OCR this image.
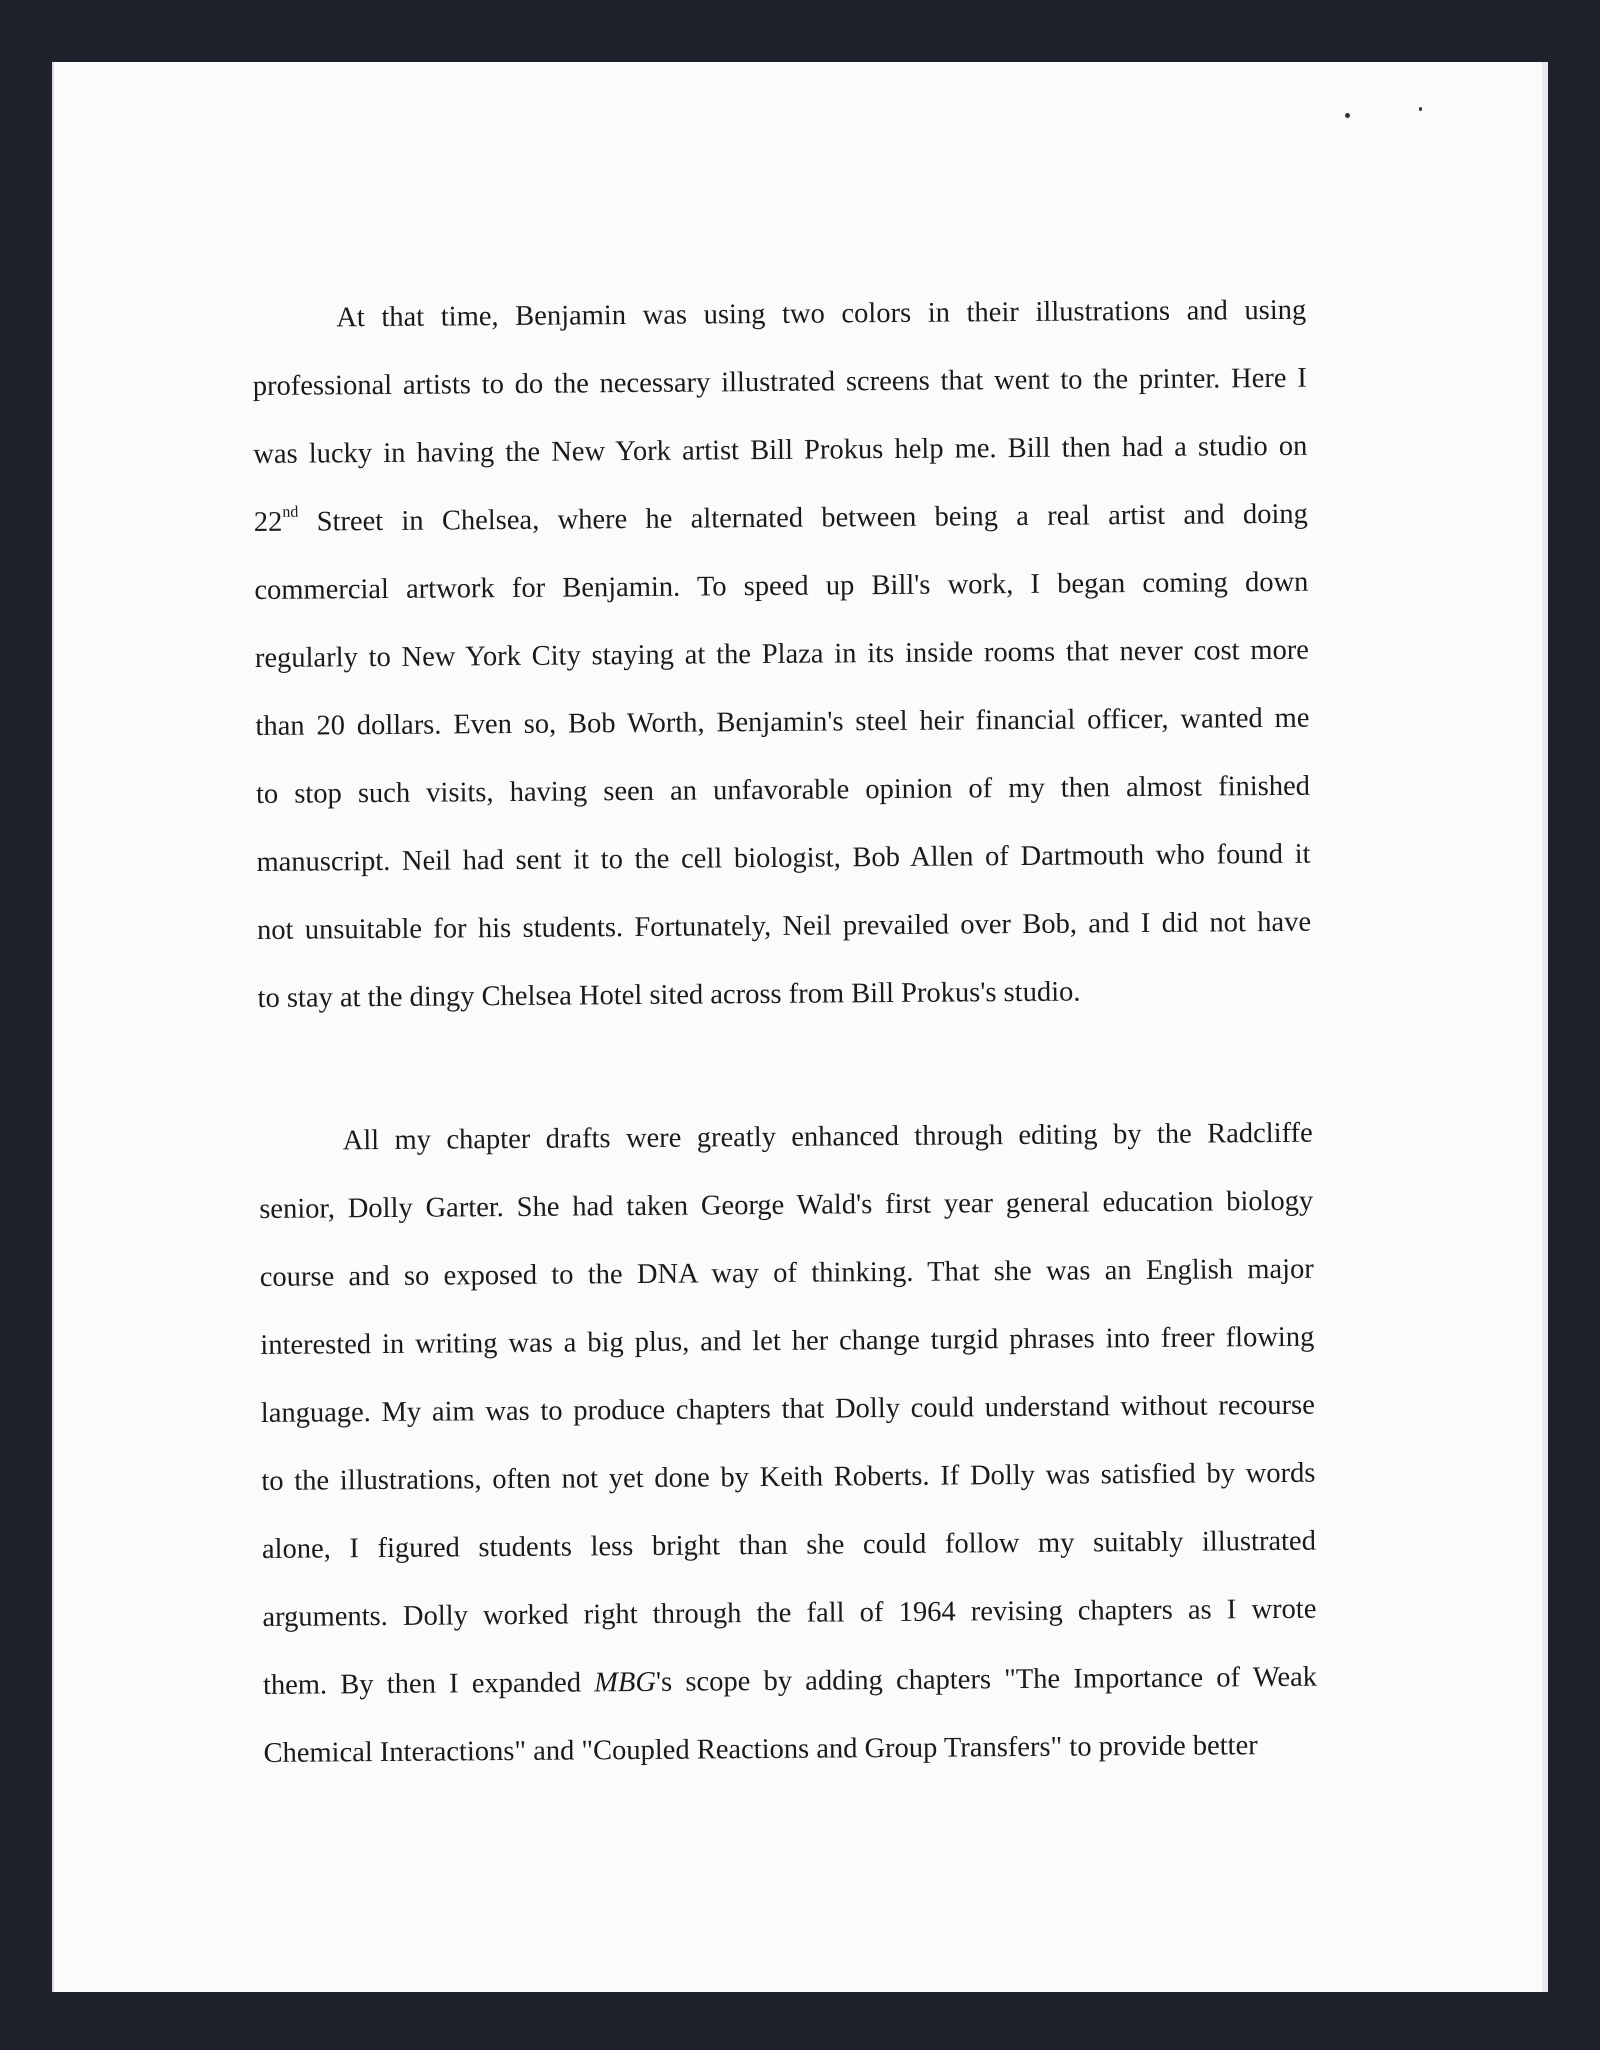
At that time, Benjamin was using two colors in their illustrations and using
professional artists to do the necessary illustrated screens that went to the printer. Here I
was lucky in having the New York artist Bill Prokus help me. Bill then had a studio on
22nd Street in Chelsea, where he alternated between being a real artist and doing
commercial artwork for Benjamin. To speed up Bill's work, I began coming down
regularly to New York City staying at the Plaza in its inside rooms that never cost more
than 20 dollars. Even so, Bob Worth, Benjamin's steel heir financial officer, wanted me
to stop such visits, having seen an unfavorable opinion of my then almost finished
manuscript. Neil had sent it to the cell biologist, Bob Allen of Dartmouth who found it
not unsuitable for his students. Fortunately, Neil prevailed over Bob, and I did not have
to stay at the dingy Chelsea Hotel sited across from Bill Prokus's studio.
All my chapter drafts were greatly enhanced through editing by the Radcliffe
senior, Dolly Garter. She had taken George Wald's first year general education biology
course and so exposed to the DNA way of thinking. That she was an English major
interested in writing was a big plus, and let her change turgid phrases into freer flowing
language. My aim was to produce chapters that Dolly could understand without recourse
to the illustrations, often not yet done by Keith Roberts. If Dolly was satisfied by words
alone, I figured students less bright than she could follow my suitably illustrated
arguments. Dolly worked right through the fall of 1964 revising chapters as I wrote
them. By then I expanded MBG's scope by adding chapters "The Importance of Weak
Chemical Interactions" and "Coupled Reactions and Group Transfers" to provide better
